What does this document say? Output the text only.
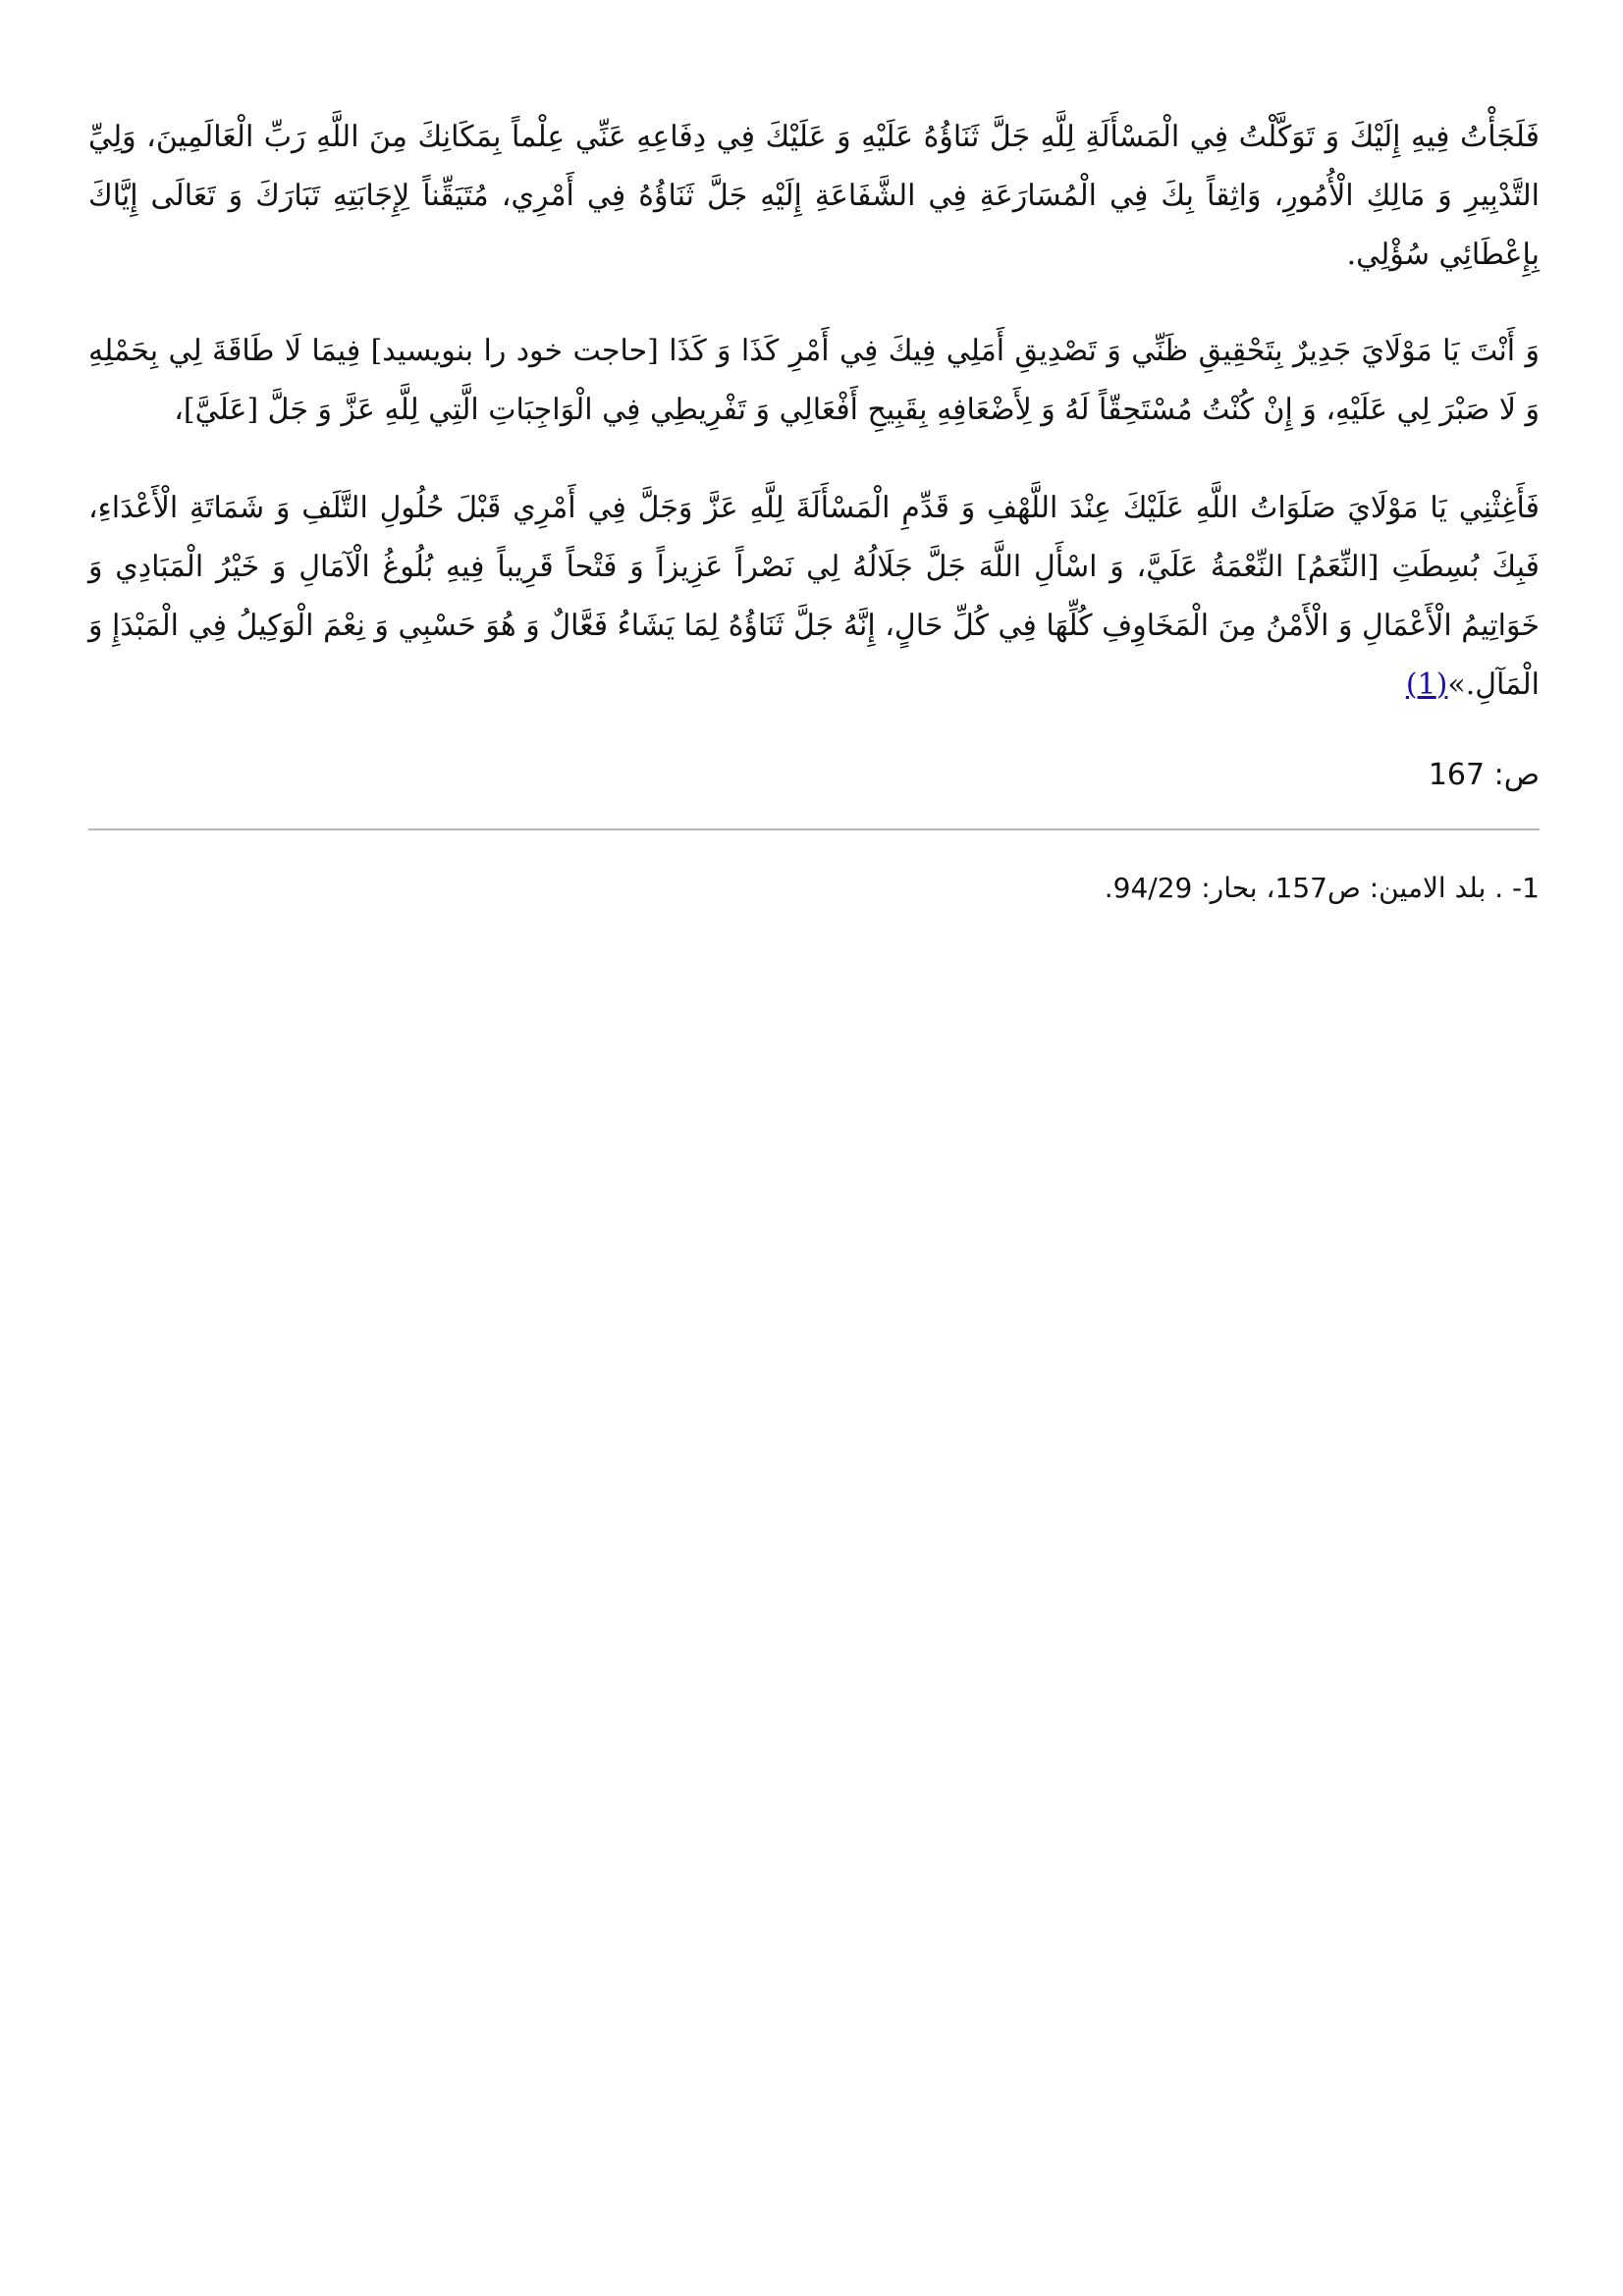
فَلَجَأْتُ فِيهِ إِلَيْكَ وَ تَوَكَّلْتُ فِي الْمَسْأَلَةِ لِلَّهِ جَلَّ ثَنَاؤُهُ عَلَيْهِ وَ عَلَيْكَ فِي دِفَاعِهِ عَنِّي عِلْماً بِمَكَانِكَ مِنَ اللَّهِ رَبِّ الْعَالَمِينَ، وَلِيِّ التَّدْبِيرِ وَ مَالِكِ الْأُمُورِ، وَاثِقاً بِكَ فِي الْمُسَارَعَةِ فِي الشَّفَاعَةِ إِلَيْهِ جَلَّ ثَنَاؤُهُ فِي أَمْرِي، مُتَيَقِّناً لِإِجَابَتِهِ تَبَارَكَ وَ تَعَالَى إِيَّاكَ بِإِعْطَائِي سُؤْلِي.

وَ أَنْتَ يَا مَوْلَايَ جَدِيرٌ بِتَحْقِيقِ ظَنِّي وَ تَصْدِيقِ أَمَلِي فِيكَ فِي أَمْرِ كَذَا وَ كَذَا [حاجت خود را بنويسيد] فِيمَا لَا طَاقَةَ لِي بِحَمْلِهِ وَ لَا صَبْرَ لِي عَلَيْهِ، وَ إِنْ كُنْتُ مُسْتَحِقّاً لَهُ وَ لِأَضْعَافِهِ بِقَبِيحِ أَفْعَالِي وَ تَفْرِيطِي فِي الْوَاجِبَاتِ الَّتِي لِلَّهِ عَزَّ وَ جَلَّ [عَلَيَّ]،

فَأَغِثْنِي يَا مَوْلَايَ صَلَوَاتُ اللَّهِ عَلَيْكَ عِنْدَ اللَّهْفِ وَ قَدِّمِ الْمَسْأَلَةَ لِلَّهِ عَزَّ وَجَلَّ فِي أَمْرِي قَبْلَ حُلُولِ التَّلَفِ وَ شَمَاتَةِ الْأَعْدَاءِ، فَبِكَ بُسِطَتِ [النِّعَمُ] النِّعْمَةُ عَلَيَّ، وَ اسْأَلِ اللَّهَ جَلَّ جَلَالُهُ لِي نَصْراً عَزِيزاً وَ فَتْحاً قَرِيباً فِيهِ بُلُوغُ الْآمَالِ وَ خَيْرُ الْمَبَادِي وَ خَوَاتِيمُ الْأَعْمَالِ وَ الْأَمْنُ مِنَ الْمَخَاوِفِ كُلِّهَا فِي كُلِّ حَالٍ، إِنَّهُ جَلَّ ثَنَاؤُهُ لِمَا يَشَاءُ فَعَّالٌ وَ هُوَ حَسْبِي وَ نِعْمَ الْوَكِيلُ فِي الْمَبْدَإِ وَ الْمَآلِ.»(1)

ص: 167
1- . بلد الامين: ص157، بحار: 94/29.
